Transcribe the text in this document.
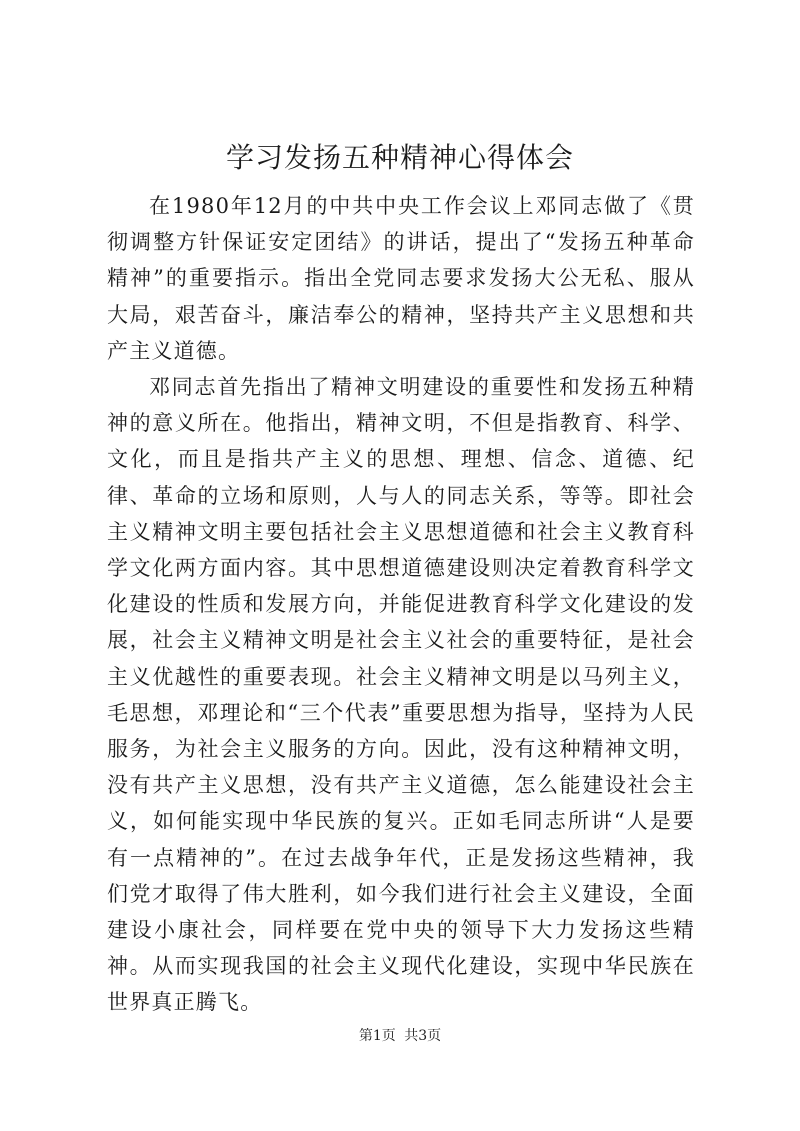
学习发扬五种精神心得体会

在1980年12月的中共中央工作会议上邓同志做了《贯彻调整方针保证安定团结》的讲话，提出了“发扬五种革命精神”的重要指示。指出全党同志要求发扬大公无私、服从大局，艰苦奋斗，廉洁奉公的精神，坚持共产主义思想和共产主义道德。

邓同志首先指出了精神文明建设的重要性和发扬五种精神的意义所在。他指出，精神文明，不但是指教育、科学、文化，而且是指共产主义的思想、理想、信念、道德、纪律、革命的立场和原则，人与人的同志关系，等等。即社会主义精神文明主要包括社会主义思想道德和社会主义教育科学文化两方面内容。其中思想道德建设则决定着教育科学文化建设的性质和发展方向，并能促进教育科学文化建设的发展，社会主义精神文明是社会主义社会的重要特征，是社会主义优越性的重要表现。社会主义精神文明是以马列主义，毛思想，邓理论和“三个代表”重要思想为指导，坚持为人民服务，为社会主义服务的方向。因此，没有这种精神文明，没有共产主义思想，没有共产主义道德，怎么能建设社会主义，如何能实现中华民族的复兴。正如毛同志所讲“人是要有一点精神的”。在过去战争年代，正是发扬这些精神，我们党才取得了伟大胜利，如今我们进行社会主义建设，全面建设小康社会，同样要在党中央的领导下大力发扬这些精神。从而实现我国的社会主义现代化建设，实现中华民族在世界真正腾飞。

第1页 共3页
